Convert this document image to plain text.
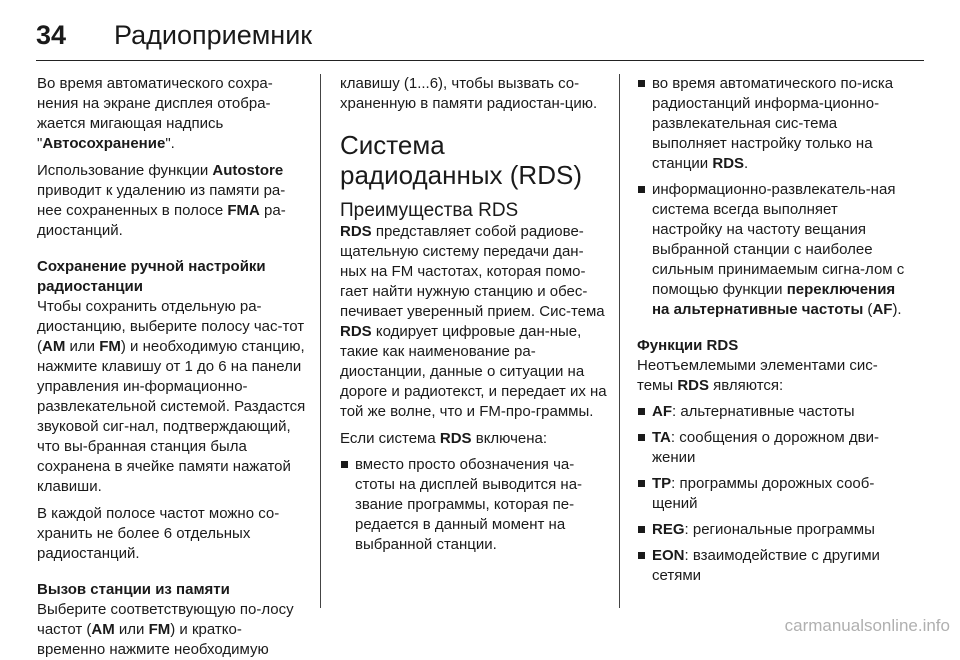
34	Радиоприемник

Во время автоматического сохра-нения на экране дисплея отобра-жается мигающая надпись "Автосохранение".

Использование функции Autostore приводит к удалению из памяти ра-нее сохраненных в полосе FMA ра-диостанций.

Сохранение ручной настройки радиостанции

Чтобы сохранить отдельную ра-диостанцию, выберите полосу час-тот (AM или FM) и необходимую станцию, нажмите клавишу от 1 до 6 на панели управления ин-формационно-развлекательной системой. Раздастся звуковой сиг-нал, подтверждающий, что вы-бранная станция была сохранена в ячейке памяти нажатой клавиши.

В каждой полосе частот можно со-хранить не более 6 отдельных радиостанций.

Вызов станции из памяти

Выберите соответствующую по-лосу частот (AM или FM) и кратко-временно нажмите необходимую

клавишу (1...6), чтобы вызвать со-храненную в памяти радиостан-цию.

Система радиоданных (RDS)

Преимущества RDS

RDS представляет собой радиове-щательную систему передачи дан-ных на FM частотах, которая помо-гает найти нужную станцию и обес-печивает уверенный прием. Сис-тема RDS кодирует цифровые дан-ные, такие как наименование ра-диостанции, данные о ситуации на дороге и радиотекст, и передает их на той же волне, что и FM-про-граммы.

Если система RDS включена:

вместо просто обозначения ча-стоты на дисплей выводится на-звание программы, которая пе-редается в данный момент на выбранной станции.
во время автоматического по-иска радиостанций информа-ционно-развлекательная сис-тема выполняет настройку только на станции RDS.
информационно-развлекатель-ная система всегда выполняет настройку на частоту вещания выбранной станции с наиболее сильным принимаемым сигна-лом с помощью функции переключения на альтернативные частоты (AF).

Функции RDS

Неотъемлемыми элементами сис-темы RDS являются:

AF: альтернативные частоты
TA: сообщения о дорожном дви-жении
TP: программы дорожных сооб-щений
REG: региональные программы
EON: взаимодействие с другими сетями
carmanualsonline.info
